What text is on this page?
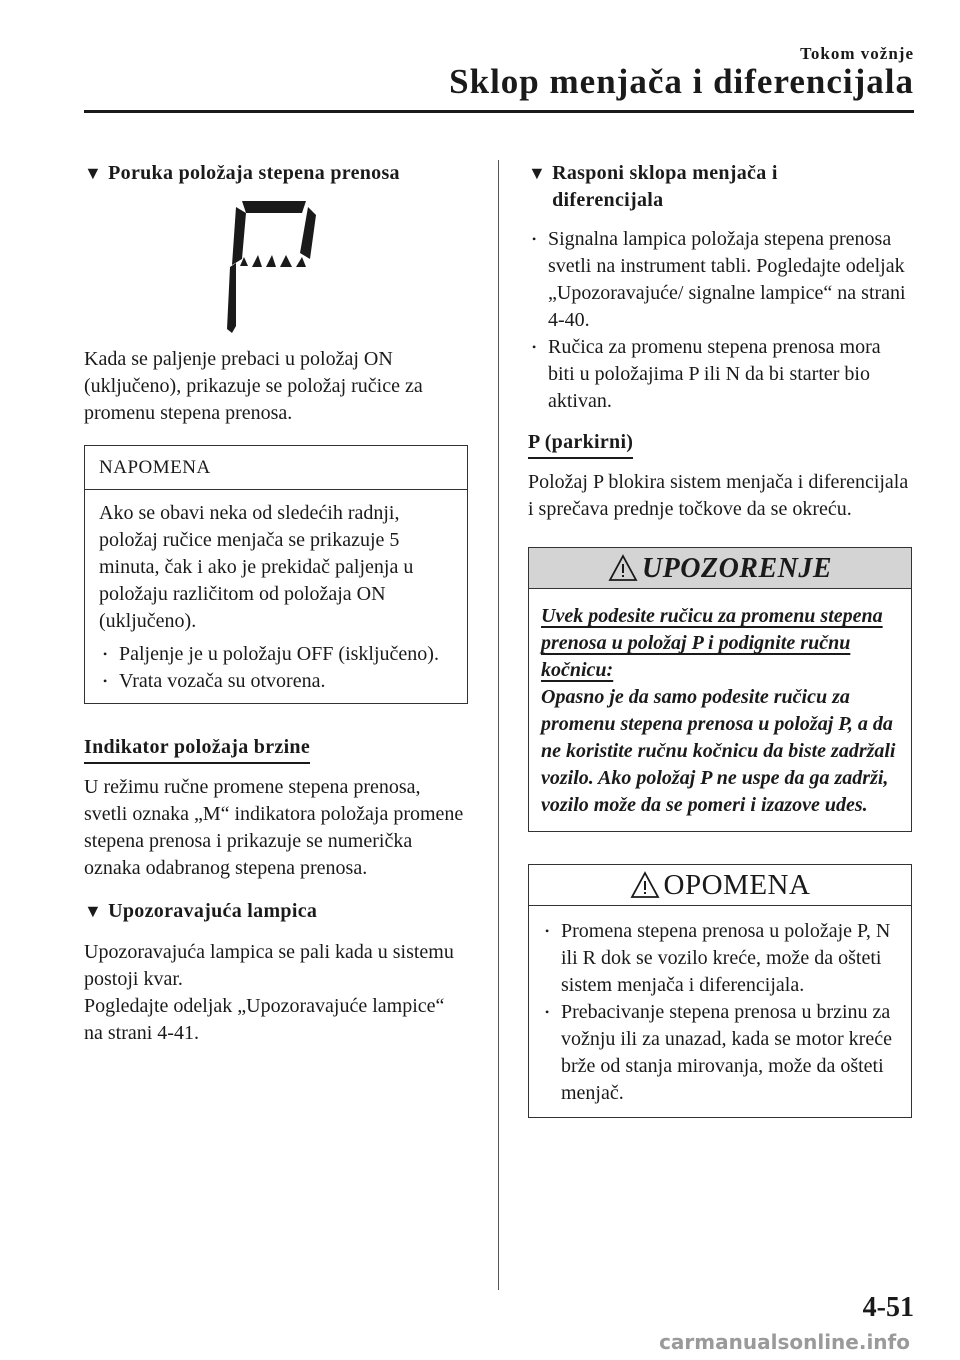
Tokom vožnje
Sklop menjača i diferencijala
▼ Poruka položaja stepena prenosa

Kada se paljenje prebaci u položaj ON (uključeno), prikazuje se položaj ručice za promenu stepena prenosa.

NAPOMENA

Ako se obavi neka od sledećih radnji, položaj ručice menjača se prikazuje 5 minuta, čak i ako je prekidač paljenja u položaju različitom od položaja ON (uključeno).

• Paljenje je u položaju OFF (isključeno).
• Vrata vozača su otvorena.
Indikator položaja brzine

U režimu ručne promene stepena prenosa, svetli oznaka „M“ indikatora položaja promene stepena prenosa i prikazuje se numerička oznaka odabranog stepena prenosa.

▼ Upozoravajuća lampica

Upozoravajuća lampica se pali kada u sistemu postoji kvar.

Pogledajte odeljak „Upozoravajuće lampice“ na strani 4-41.

▼ Rasponi sklopa menjača i
diferencijala
• Signalna lampica položaja stepena prenosa svetli na instrument tabli. Pogledajte odeljak „Upozoravajuće/ signalne lampice“ na strani 4-40.
• Ručica za promenu stepena prenosa mora biti u položajima P ili N da bi starter bio aktivan.
P (parkirni)

Položaj P blokira sistem menjača i diferencijala i sprečava prednje točkove da se okreću.

UPOZORENJE
Uvek podesite ručicu za promenu stepena prenosa u položaj P i podignite ručnu kočnicu:
Opasno je da samo podesite ručicu za promenu stepena prenosa u položaj P, a da ne koristite ručnu kočnicu da biste zadržali vozilo. Ako položaj P ne uspe da ga zadrži, vozilo može da se pomeri i izazove udes.
OPOMENA
• Promena stepena prenosa u položaje P, N ili R dok se vozilo kreće, može da ošteti sistem menjača i diferencijala.
• Prebacivanje stepena prenosa u brzinu za vožnju ili za unazad, kada se motor kreće brže od stanja mirovanja, može da ošteti menjač.
4-51
carmanualsonline.info
